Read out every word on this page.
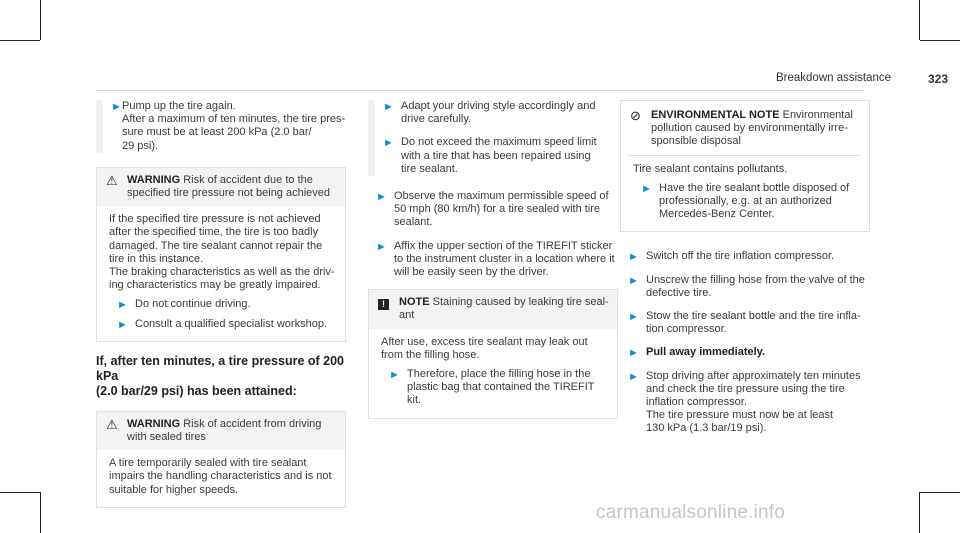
Breakdown assistance	323
► Pump up the tire again.
After a maximum of ten minutes, the tire pres-
sure must be at least 200 kPa (2.0 bar/
29 psi).
⚠ WARNING Risk of accident due to the
specified tire pressure not being achieved

If the specified tire pressure is not achieved
after the specified time, the tire is too badly
damaged. The tire sealant cannot repair the
tire in this instance.
The braking characteristics as well as the driv-
ing characteristics may be greatly impaired.

► Do not continue driving.
► Consult a qualified specialist workshop.
If, after ten minutes, a tire pressure of 200 kPa
(2.0 bar/29 psi) has been attained:
⚠ WARNING Risk of accident from driving
with sealed tires

A tire temporarily sealed with tire sealant
impairs the handling characteristics and is not
suitable for higher speeds.

► Adapt your driving style accordingly and
drive carefully.
► Do not exceed the maximum speed limit
with a tire that has been repaired using
tire sealant.
► Observe the maximum permissible speed of
50 mph (80 km/h) for a tire sealed with tire
sealant.
► Affix the upper section of the TIREFIT sticker
to the instrument cluster in a location where it
will be easily seen by the driver.
!	NOTE Staining caused by leaking tire seal-
ant

After use, excess tire sealant may leak out
from the filling hose.

► Therefore, place the filling hose in the
plastic bag that contained the TIREFIT
kit.
⊘ ENVIRONMENTAL NOTE Environmental
pollution caused by environmentally irre-
sponsible disposal

Tire sealant contains pollutants.

► Have the tire sealant bottle disposed of
professionally, e.g. at an authorized
Mercedes-Benz Center.
► Switch off the tire inflation compressor.
► Unscrew the filling hose from the valve of the
defective tire.
► Stow the tire sealant bottle and the tire infla-
tion compressor.
► Pull away immediately.
► Stop driving after approximately ten minutes
and check the tire pressure using the tire
inflation compressor.
The tire pressure must now be at least
130 kPa (1.3 bar/19 psi).
carmanualsonline.info
